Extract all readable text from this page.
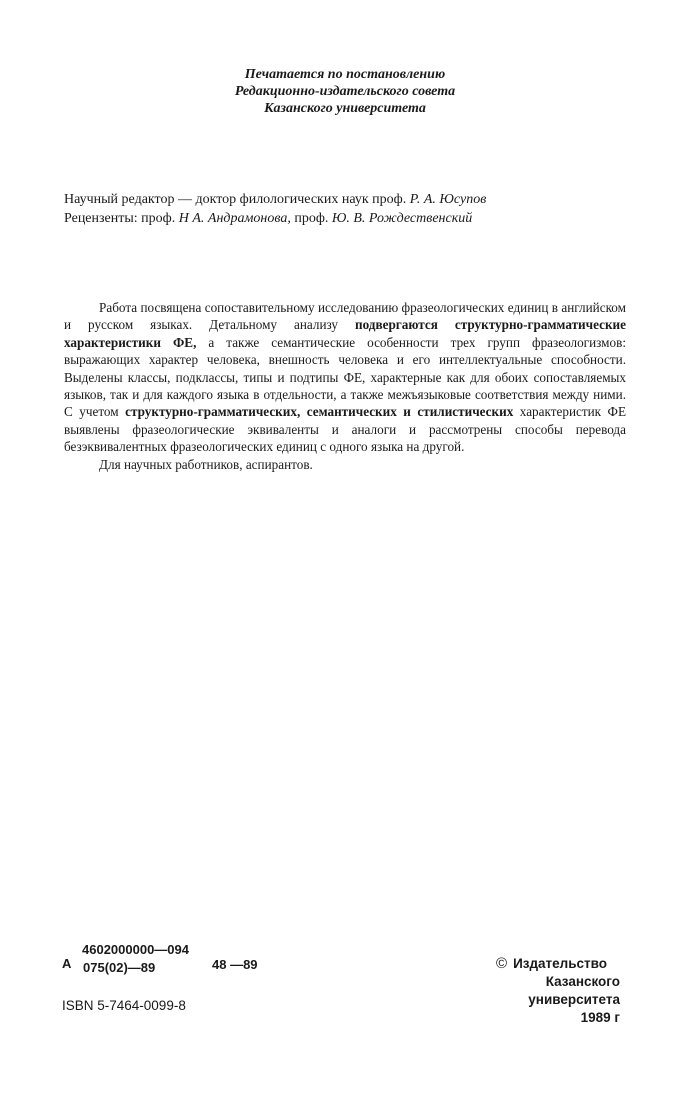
Печатается по постановлению
Редакционно-издательского совета
Казанского университета
Научный редактор — доктор филологических наук проф. Р. А. Юсупов
Рецензенты: проф. Н А. Андрамонова, проф. Ю. В. Рождественский

Работа посвящена сопоставительному исследованию фразеологических единиц в английском и русском языках. Детальному анализу подвергаются структурно-грамматические характеристики ФЕ, а также семантические особенности трех групп фразеологизмов: выражающих характер человека, внешность человека и его интеллектуальные способности. Выделены классы, подклассы, типы и подтипы ФЕ, характерные как для обоих сопоставляемых языков, так и для каждого языка в отдельности, а также межъязыковые соответствия между ними. С учетом структурно-грамматических, семантических и стилистических характеристик ФЕ выявлены фразеологические эквиваленты и аналоги и рассмотрены способы перевода безэквивалентных фразеологических единиц с одного языка на другой.

Для научных работников, аспирантов.

А
4602000000—094
075(02)—89	48 —89
ISBN 5-7464-0099-8
© Издательство
Казанского
университета
1989 г
